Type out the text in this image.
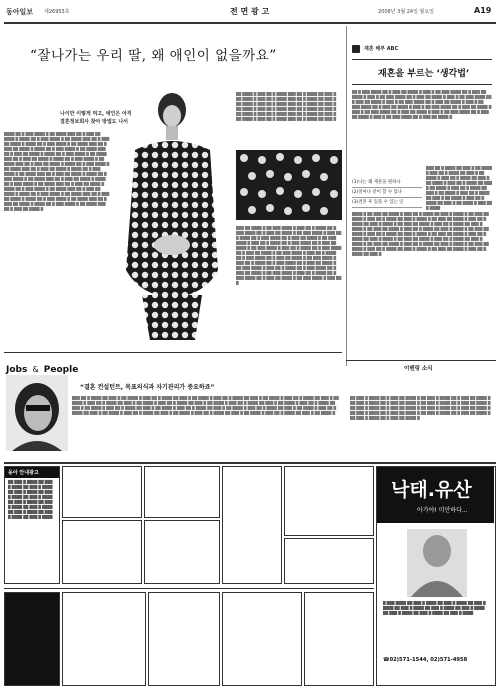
동아일보 제26953호	전 면 광 고	2008년 3월 24일 월요일	A19
“잘나가는 우리 딸, 왜 애인이 없을까요”
나이만 이렇게 먹고, 애인은 아직
결혼정보회사 찾아 방법도 나서
████ ██ █ ███ ████ █ ██ ████ ███ ██ █ ███ ██ ████ █ ████ ██ █ ███ ████ █ ██ ████ ███ ██ █ ███ ██ ████ █ ████ ██ █ ███ ████ █ ██ ████ ███ ██ █ ███ ██ ████ █ ████ ██ █ ███ ████ █ ██ ████ ███ ██ █ ███ ██ ████ █ ████ ██ █ ███ ████ █ ██ ████ ███ ██ █ ███ ██ ████ █ ████ ██ █ ███ ████ █ ██ ████ ███ ██ █ ███ ██ ████ █ ████ ██ █ ███ ████ █ ██ ████ ███ ██ █ ███ ██ ████ █ ████ ██ █ ███ ████ █ ██ ████ ███ ██ █ ███ ██ ████ █ ████ ██ █ ███ ████ █ ██ ████ ███ ██ █ ███ ██ ████ █ ████ ██ █ ███ ████ █ ██ ████ ███ ██ █ ███ ██ ████ █ ████ ██ █ ███ ████ █ ██ ████ ███ ██ █ ███ ██ ████ █ ████ ██ █ ███ ████ █ ██ ████ ███ ██ █ ███ ██ ████ █ ████ ██ █ ███ ████ █ ██ ████ ███ ██ █ ███ ██ ████ █ ████ ██ █ ███ ████ █ ██ ████ ███ ██ █ ███ ██ ████ █
██ ████ █ ███ ██ █ ████ ███ ██ █ ████ ██ ███ █ ██ ████ █ ███ ██ █ ████ ███ ██ █ ████ ██ ███ █ ██ ████ █ ███ ██ █ ████ ███ ██ █ ████ ██ ███ █ ██ ████ █ ███ ██ █ ████ ███ ██ █ ████ ██ ███ █ ██ ████ █ ███ ██ █ ████ ███ ██ █ ████ ██ ███ █ ██ ████ █ ███ ██ █ ████ ███ ██ █ ████ ██ ███ █
███ ██ ████ █ ██ ███ ████ █ ███ ██ █ ████ ██ █ ███ ████ ██ █ ███ ██ ████ █ ██ ███ ████ █ ███ ██ █ ████ ██ █ ███ ████ ██ █ ███ ██ ████ █ ██ ███ ████ █ ███ ██ █ ████ ██ █ ███ ████ ██ █ ███ ██ ████ █ ██ ███ ████ █ ███ ██ █ ████ ██ █ ███ ████ ██ █ ███ ██ ████ █ ██ ███ ████ █ ███ ██ █ ████ ██ █ ███ ████ ██ █ ███ ██ ████ █ ██ ███ ████ █ ███ ██ █ ████ ██ █ ███ ████ ██ █ ███ ██ ████ █ ██ ███ ████ █ ███ ██ █ ████ ██ █ ███ ████ ██ █ ███ ██ ████ █ ██ ███ ████ █ ███ ██ █ ████ ██ █ ███ ████ ██ █ ███ ██ ████ █ ██ ███ ████ █ ███ ██ █
재혼 해부 ABC
재혼을 부르는 ‘생각법’
██ █ ███ ████ ██ █ ███ ██ ████ █ ███ █ ██ ███ ████ ██ █ ███ ██ ████ █ ███ █ ██ ███ ████ ██ █ ███ ██ ████ █ ███ █ ██ ███ ████ ██ █ ███ ██ ████ █ ███ █ ██ ███ ████ ██ █ ███ ██ ████ █ ███ █ ██ ███ ████ ██ █ ███ ██ ████ █ ███ █ ██ ███ ████ ██ █ ███ ██ ████ █ ███ █ ██ ███ ████ ██ █ ███ ██ ████ █ ███ █ ██ ███ ████ ██ █ ███ ██ ████ █ ███ █ ██ ███ ████ ██ █ ███ ██ ████ █
(1)나는 왜 재혼을 원하나
(2)얼마나 같이 할 수 있나
(3)결혼 후 있을 수 있는 일
███ ██ █ ████ ██ ███ █ ██ ████ █ ███ ██ █ ████ ██ ███ █ ██ ████ █ ███ ██ █ ████ ██ ███ █ ██ ████ █ ███ ██ █ ████ ██ ███ █ ██ ████ █ ███ ██ █ ████ ██ ███ █ ██ ████ █ ███ ██ █ ████ ██ ███ █ ██ ████ █ ███ ██ █ ████ ██ ███ █ ██ ████ █ ███ ██ █ ████
████ █ ██ ███ ██ ████ █ ███ ██ █ ████ ██ ███ █ ████ █ ██ ███ ██ ████ █ ███ ██ █ ████ ██ ███ █ ████ █ ██ ███ ██ ████ █ ███ ██ █ ████ ██ ███ █ ████ █ ██ ███ ██ ████ █ ███ ██ █ ████ ██ ███ █ ████ █ ██ ███ ██ ████ █ ███ ██ █ ████ ██ ███ █ ████ █ ██ ███ ██ ████ █ ███ ██ █ ████ ██ ███ █ ████ █ ██ ███ ██ ████ █ ███ ██ █ ████ ██ ███ █ ████ █ ██ ███ ██ ████ █ ███ ██ █ ████ ██ ███ █ ████ █ ██ ███ ██ ████ █ ███ ██ █ ████ ██ ███ █ ████ █ ██ ███ ██ ████ █ ███ ██ █ ████ ██ ███ █ ████ █ ██ ███ ██ ████ █ ███ ██ █ ████ ██ ███ █
이벤링 소식
██ ███ █ ████ ██ █ ███ ██ ████ █ ██ ███ █ ████ ██ █ ███ ██ ████ █ ██ ███ █ ████ ██ █ ███ ██ ████ █ ██ ███ █ ████ ██ █ ███ ██ ████ █ ██ ███ █ ████ ██ █ ███ ██ ████ █ ██ ███ █ ████ ██ █ ███ ██ ████ █ ██ ███ █ ████ ██ █ ███ ██ ████ █ ██ ███ █ ████ ██ █ ███ ██ ████ █ ██ ███ █ ████ ██ █ ███ ██ ████ █
Jobs & People
“결혼 컨설턴트, 목표의식과 자기관리가 중요하죠”
███ ██ █ ████ ██ ███ █ ██ ████ █ ███ ██ █ ████ ██ ███ █ ██ ████ █ ███ ██ █ ████ ██ ███ █ ██ ████ █ ███ ██ █ ████ ██ ███ █ ██ ████ █ ███ ██ █ ████ ██ ███ █ ██ ████ █ ███ ██ █ ████ ██ ███ █ ██ ████ █ ███ ██ █ ████ ██ ███ █ ██ ████ █ ███ ██ █ ████ ██ ███ █ ██ ████ █ ███ ██ █ ████ ██ ███ █ ██ ████ █ ███ ██ █ ████ ██ ███ █ ██ ████ █ ███ ██ █ ████ ██ ███ █ ██ ████ █ ███ ██ █ ████ ██ ███ █ ██ ████ █ ███ ██ █ ████ ██ ███ █ ██ ████ █ ███ ██ █ ████ ██ ███ █ ██ ████ █ ███ ██ █ ████ ██ ███ █ ██ ████ █
동아 안내광고
██ ███ █ ████ ██ ███ █ ████ ██ ███ █ ████ ██ ███ █ ████ ██ ███ █ ████ ██ ███ █ ████ ██ ███ █ ████ ██ ███ █ ████ ██ ███ █ ████ ██ ███ █ ████ ██ ███ █ ████ ██ ███ █ ████
낙태.유산
아가야! 미안하다...
█ ███ ████ ██ ███ █ ████ ██ ███ █ ████ ██ ███ █ ████ ██ ███ █ ████ ██ ███ █ ████ ██ ███ █ ████ ██ ███ █ ████ ██ ███ █ ████ ██ ███ █ ████
☎02)571-1544, 02)571-4958
